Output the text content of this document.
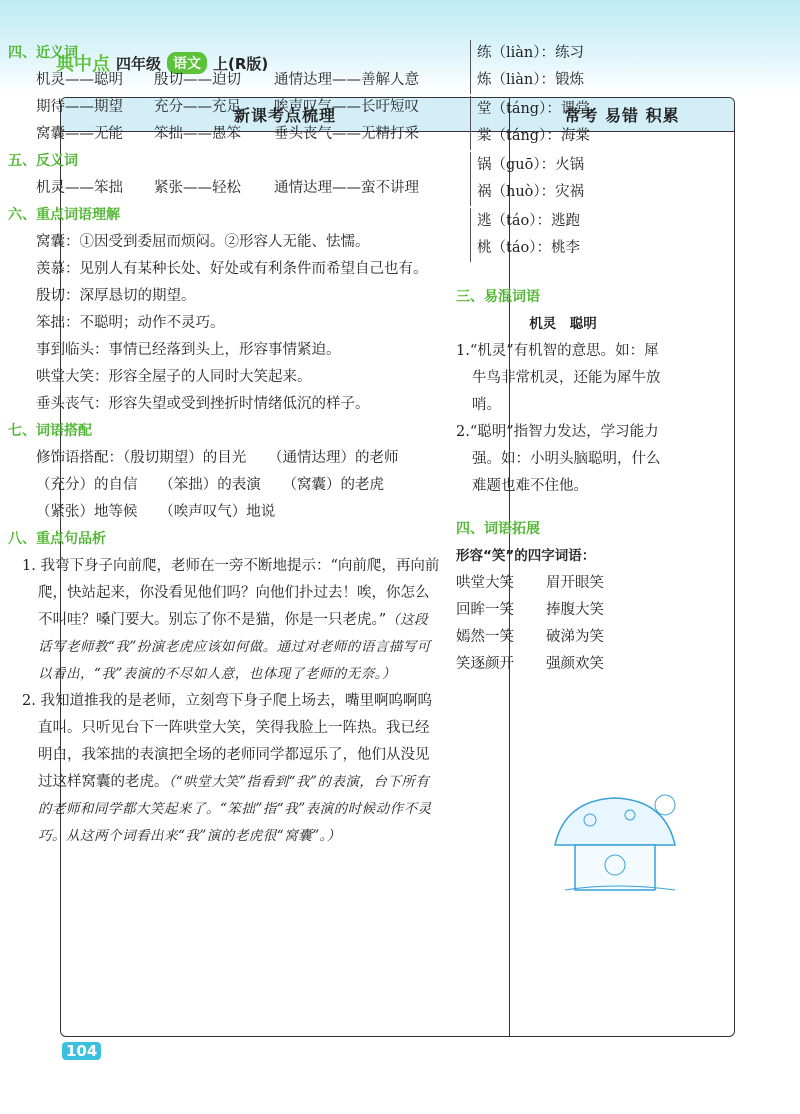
典中点 四年级 语文 上(R版)
新课考点梳理	常考 易错 积累
四、近义词
机灵——聪明	殷切——迫切	通情达理——善解人意
期待——期望	充分——充足	唉声叹气——长吁短叹
窝囊——无能	笨拙——愚笨	垂头丧气——无精打采
五、反义词
机灵——笨拙	紧张——轻松	通情达理——蛮不讲理
六、重点词语理解
窝囊：①因受到委屈而烦闷。②形容人无能、怯懦。
羡慕：见别人有某种长处、好处或有利条件而希望自己也有。
殷切：深厚恳切的期望。
笨拙：不聪明；动作不灵巧。
事到临头：事情已经落到头上，形容事情紧迫。
哄堂大笑：形容全屋子的人同时大笑起来。
垂头丧气：形容失望或受到挫折时情绪低沉的样子。
七、词语搭配
修饰语搭配：（殷切期望）的目光　　（通情达理）的老师
（充分）的自信　　（笨拙）的表演　　（窝囊）的老虎
（紧张）地等候　　（唉声叹气）地说
八、重点句品析
1. 我弯下身子向前爬，老师在一旁不断地提示：“向前爬，再向前爬，快站起来，你没看见他们吗？向他们扑过去！唉，你怎么不叫哇？嗓门要大。别忘了你不是猫，你是一只老虎。”（这段话写老师教“我”扮演老虎应该如何做。通过对老师的语言描写可以看出，“我”表演的不尽如人意，也体现了老师的无奈。）
2. 我知道推我的是老师，立刻弯下身子爬上场去，嘴里啊呜啊呜直叫。只听见台下一阵哄堂大笑，笑得我脸上一阵热。我已经明白，我笨拙的表演把全场的老师同学都逗乐了，他们从没见过这样窝囊的老虎。（“哄堂大笑”指看到“我”的表演，台下所有的老师和同学都大笑起来了。“笨拙”指“我”表演的时候动作不灵巧。从这两个词看出来“我”演的老虎很“窝囊”。）
练（liàn）：练习
炼（liàn）：锻炼
堂（táng）：课堂
棠（táng）：海棠
锅（guō）：火锅
祸（huò）：灾祸
逃（táo）：逃跑
桃（táo）：桃李
三、易混词语
机灵　聪明
1.“机灵”有机智的意思。如：犀牛鸟非常机灵，还能为犀牛放哨。
2.“聪明”指智力发达，学习能力强。如：小明头脑聪明，什么难题也难不住他。
四、词语拓展
形容“笑”的四字词语：
哄堂大笑	眉开眼笑
回眸一笑	捧腹大笑
嫣然一笑	破涕为笑
笑逐颜开	强颜欢笑
104
